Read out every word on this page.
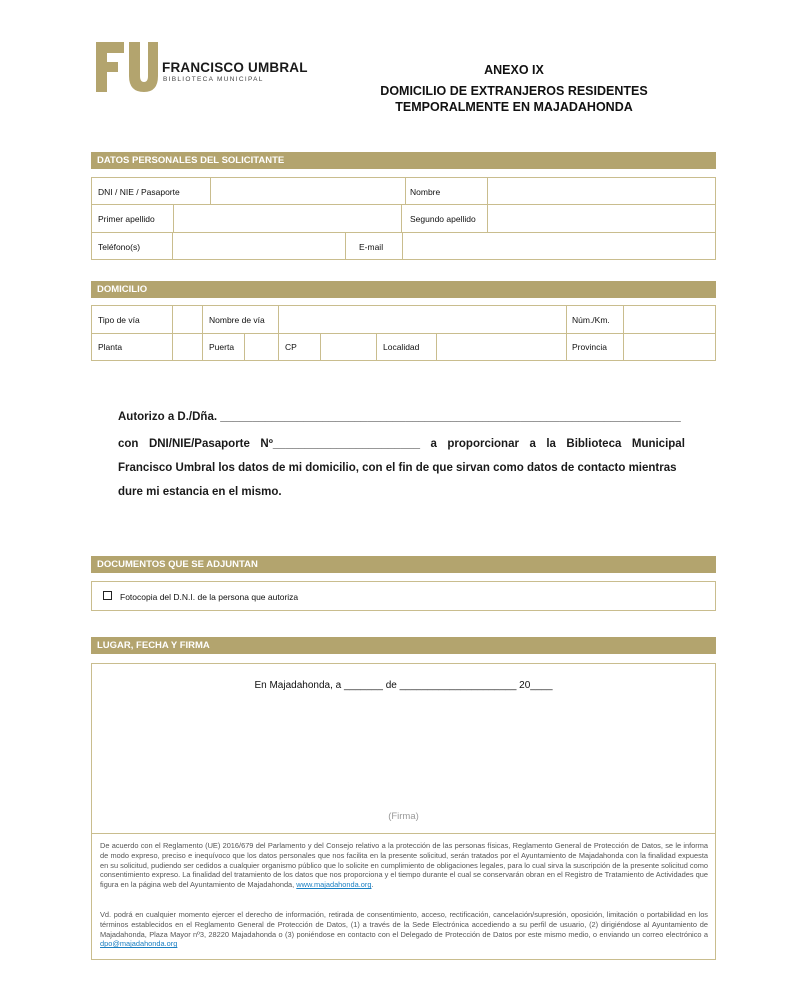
FRANCISCO UMBRAL
BIBLIOTECA MUNICIPAL
ANEXO IX
DOMICILIO DE EXTRANJEROS RESIDENTES
TEMPORALMENTE EN MAJADAHONDA
DATOS PERSONALES DEL SOLICITANTE
DNI / NIE / Pasaporte	Nombre
Primer apellido	Segundo apellido
Teléfono(s)	E-mail
DOMICILIO
Tipo de vía	Nombre de vía	Núm./Km.
Planta	Puerta	CP	Localidad	Provincia
Autorizo a D./Dña. ________________________________________________________________________
con DNI/NIE/Pasaporte Nº_______________________ a proporcionar a la Biblioteca Municipal
Francisco Umbral los datos de mi domicilio, con el fin de que sirvan como datos de contacto mientras
dure mi estancia en el mismo.
DOCUMENTOS QUE SE ADJUNTAN
Fotocopia del D.N.I. de la persona que autoriza
LUGAR, FECHA Y FIRMA
En Majadahonda, a _______ de _____________________ 20____
(Firma)
De acuerdo con el Reglamento (UE) 2016/679 del Parlamento y del Consejo relativo a la protección de las personas físicas, Reglamento General de Protección de Datos, se le informa de modo expreso, preciso e inequívoco que los datos personales que nos facilita en la presente solicitud, serán tratados por el Ayuntamiento de Majadahonda con la finalidad expuesta en su solicitud, pudiendo ser cedidos a cualquier organismo público que lo solicite en cumplimiento de obligaciones legales, para lo cual sirva la suscripción de la presente solicitud como consentimiento expreso. La finalidad del tratamiento de los datos que nos proporciona y el tiempo durante el cual se conservarán obran en el Registro de Tratamiento de Actividades que figura en la página web del Ayuntamiento de Majadahonda, www.majadahonda.org.
Vd. podrá en cualquier momento ejercer el derecho de información, retirada de consentimiento, acceso, rectificación, cancelación/supresión, oposición, limitación o portabilidad en los términos establecidos en el Reglamento General de Protección de Datos, (1) a través de la Sede Electrónica accediendo a su perfil de usuario, (2) dirigiéndose al Ayuntamiento de Majadahonda, Plaza Mayor nº3, 28220 Majadahonda o (3) poniéndose en contacto con el Delegado de Protección de Datos por este mismo medio, o enviando un correo electrónico a dpo@majadahonda.org
